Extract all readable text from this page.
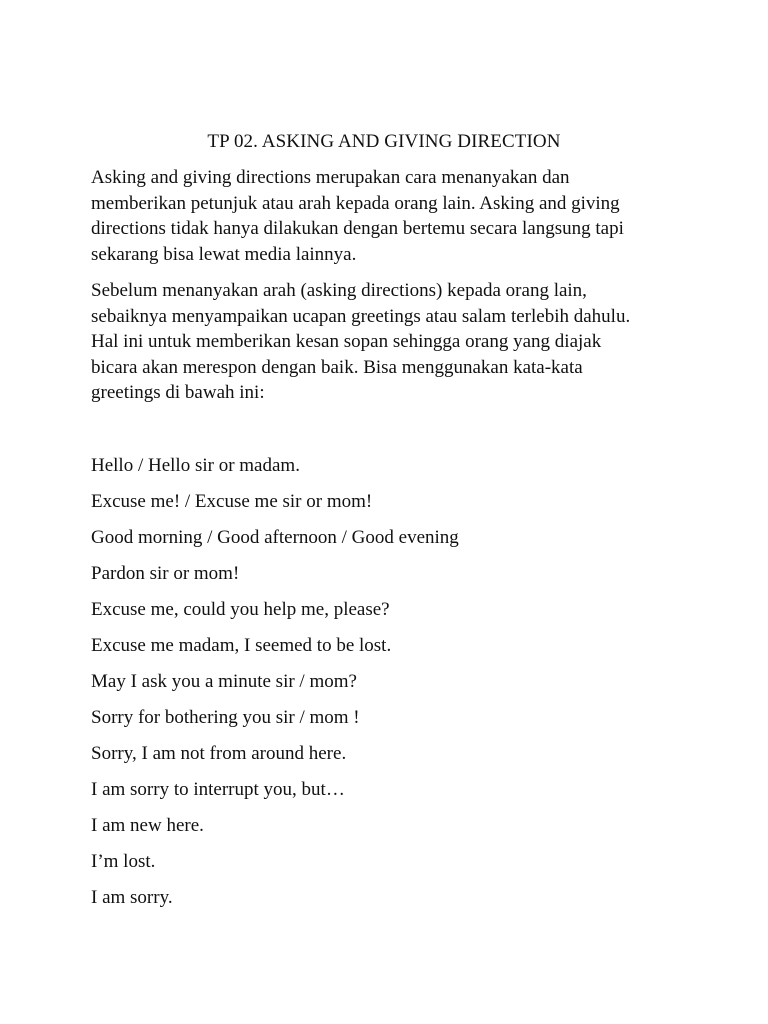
TP 02. ASKING AND GIVING DIRECTION

Asking and giving directions merupakan cara menanyakan dan
memberikan petunjuk atau arah kepada orang lain. Asking and giving
directions tidak hanya dilakukan dengan bertemu secara langsung tapi
sekarang bisa lewat media lainnya.

Sebelum menanyakan arah (asking directions) kepada orang lain,
sebaiknya menyampaikan ucapan greetings atau salam terlebih dahulu.
Hal ini untuk memberikan kesan sopan sehingga orang yang diajak
bicara akan merespon dengan baik. Bisa menggunakan kata-kata
greetings di bawah ini:

Hello / Hello sir or madam.
Excuse me! / Excuse me sir or mom!
Good morning / Good afternoon / Good evening
Pardon sir or mom!
Excuse me, could you help me, please?
Excuse me madam, I seemed to be lost.
May I ask you a minute sir / mom?
Sorry for bothering you sir / mom !
Sorry, I am not from around here.
I am sorry to interrupt you, but…
I am new here.
I’m lost.
I am sorry.
